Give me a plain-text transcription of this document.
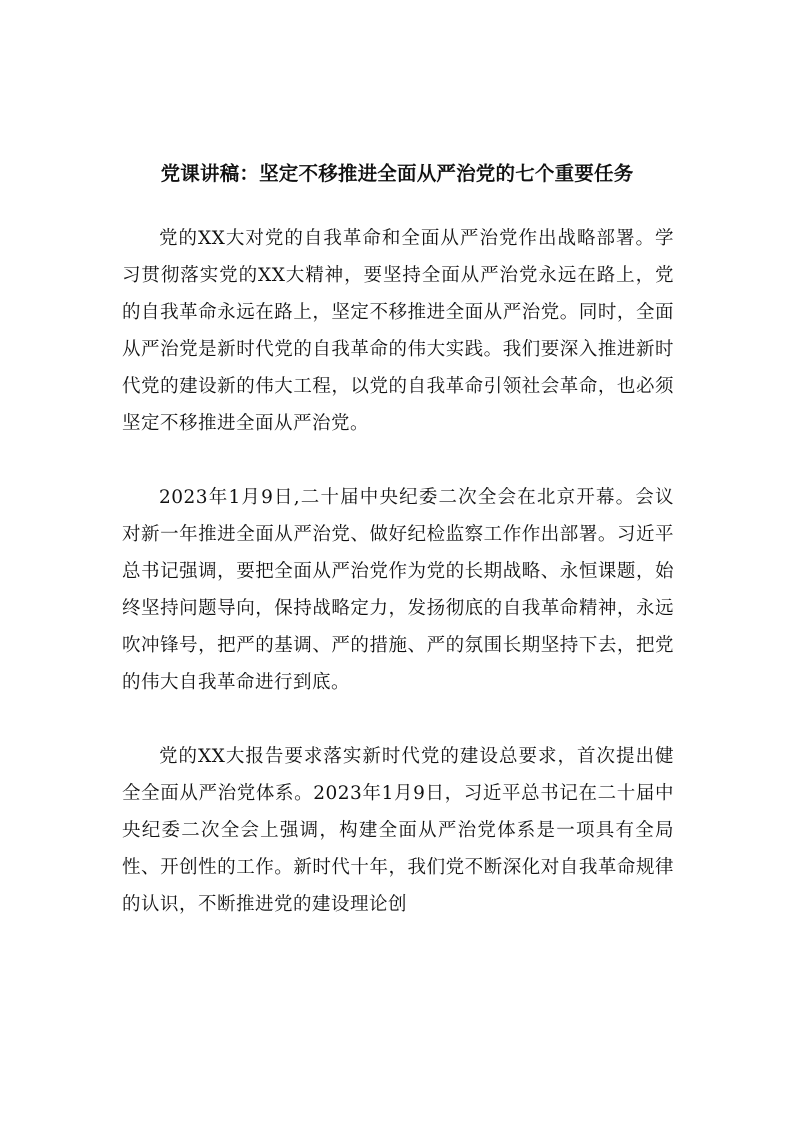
党课讲稿：坚定不移推进全面从严治党的七个重要任务

党的XX大对党的自我革命和全面从严治党作出战略部署。学习贯彻落实党的XX大精神，要坚持全面从严治党永远在路上，党的自我革命永远在路上，坚定不移推进全面从严治党。同时，全面从严治党是新时代党的自我革命的伟大实践。我们要深入推进新时代党的建设新的伟大工程，以党的自我革命引领社会革命，也必须坚定不移推进全面从严治党。

2023年1月9日,二十届中央纪委二次全会在北京开幕。会议对新一年推进全面从严治党、做好纪检监察工作作出部署。习近平总书记强调，要把全面从严治党作为党的长期战略、永恒课题，始终坚持问题导向，保持战略定力，发扬彻底的自我革命精神，永远吹冲锋号，把严的基调、严的措施、严的氛围长期坚持下去，把党的伟大自我革命进行到底。

党的XX大报告要求落实新时代党的建设总要求，首次提出健全全面从严治党体系。2023年1月9日，习近平总书记在二十届中央纪委二次全会上强调，构建全面从严治党体系是一项具有全局性、开创性的工作。新时代十年，我们党不断深化对自我革命规律的认识，不断推进党的建设理论创
